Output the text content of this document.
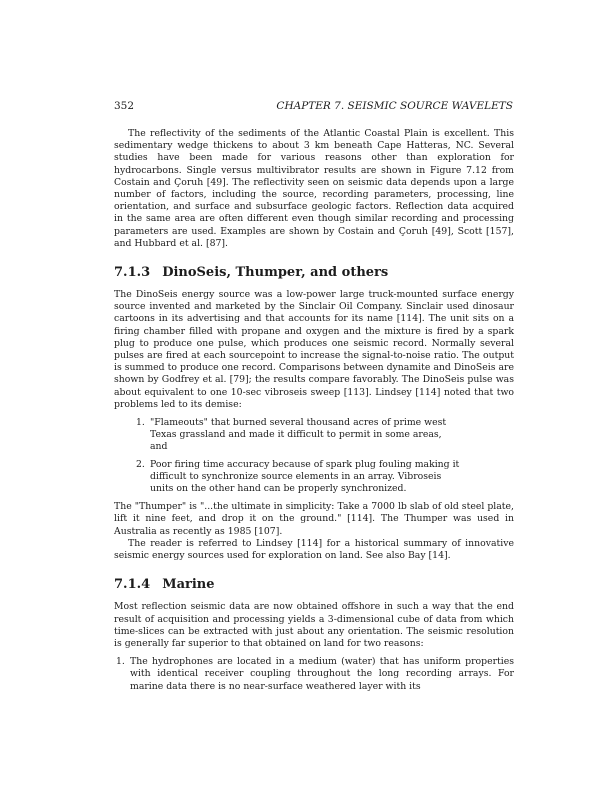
352	CHAPTER 7. SEISMIC SOURCE WAVELETS

The reflectivity of the sediments of the Atlantic Coastal Plain is excellent. This sedimentary wedge thickens to about 3 km beneath Cape Hatteras, NC. Several studies have been made for various reasons other than exploration for hydrocarbons. Single versus multivibrator results are shown in Figure 7.12 from Costain and Çoruh [49]. The reflectivity seen on seismic data depends upon a large number of factors, including the source, recording parameters, processing, line orientation, and surface and subsurface geologic factors. Reflection data acquired in the same area are often different even though similar recording and processing parameters are used. Examples are shown by Costain and Çoruh [49], Scott [157], and Hubbard et al. [87].

7.1.3 DinoSeis, Thumper, and others

The DinoSeis energy source was a low-power large truck-mounted surface energy source invented and marketed by the Sinclair Oil Company. Sinclair used dinosaur cartoons in its advertising and that accounts for its name [114]. The unit sits on a firing chamber filled with propane and oxygen and the mixture is fired by a spark plug to produce one pulse, which produces one seismic record. Normally several pulses are fired at each sourcepoint to increase the signal-to-noise ratio. The output is summed to produce one record. Comparisons between dynamite and DinoSeis are shown by Godfrey et al. [79]; the results compare favorably. The DinoSeis pulse was about equivalent to one 10-sec vibroseis sweep [113]. Lindsey [114] noted that two problems led to its demise:

1. "Flameouts" that burned several thousand acres of prime west Texas grassland and made it difficult to permit in some areas, and
2. Poor firing time accuracy because of spark plug fouling making it difficult to synchronize source elements in an array. Vibroseis units on the other hand can be properly synchronized.

The "Thumper" is "...the ultimate in simplicity: Take a 7000 lb slab of old steel plate, lift it nine feet, and drop it on the ground." [114]. The Thumper was used in Australia as recently as 1985 [107].

The reader is referred to Lindsey [114] for a historical summary of innovative seismic energy sources used for exploration on land. See also Bay [14].

7.1.4 Marine

Most reflection seismic data are now obtained offshore in such a way that the end result of acquisition and processing yields a 3-dimensional cube of data from which time-slices can be extracted with just about any orientation. The seismic resolution is generally far superior to that obtained on land for two reasons:

1. The hydrophones are located in a medium (water) that has uniform properties with identical receiver coupling throughout the long recording arrays. For marine data there is no near-surface weathered layer with its
